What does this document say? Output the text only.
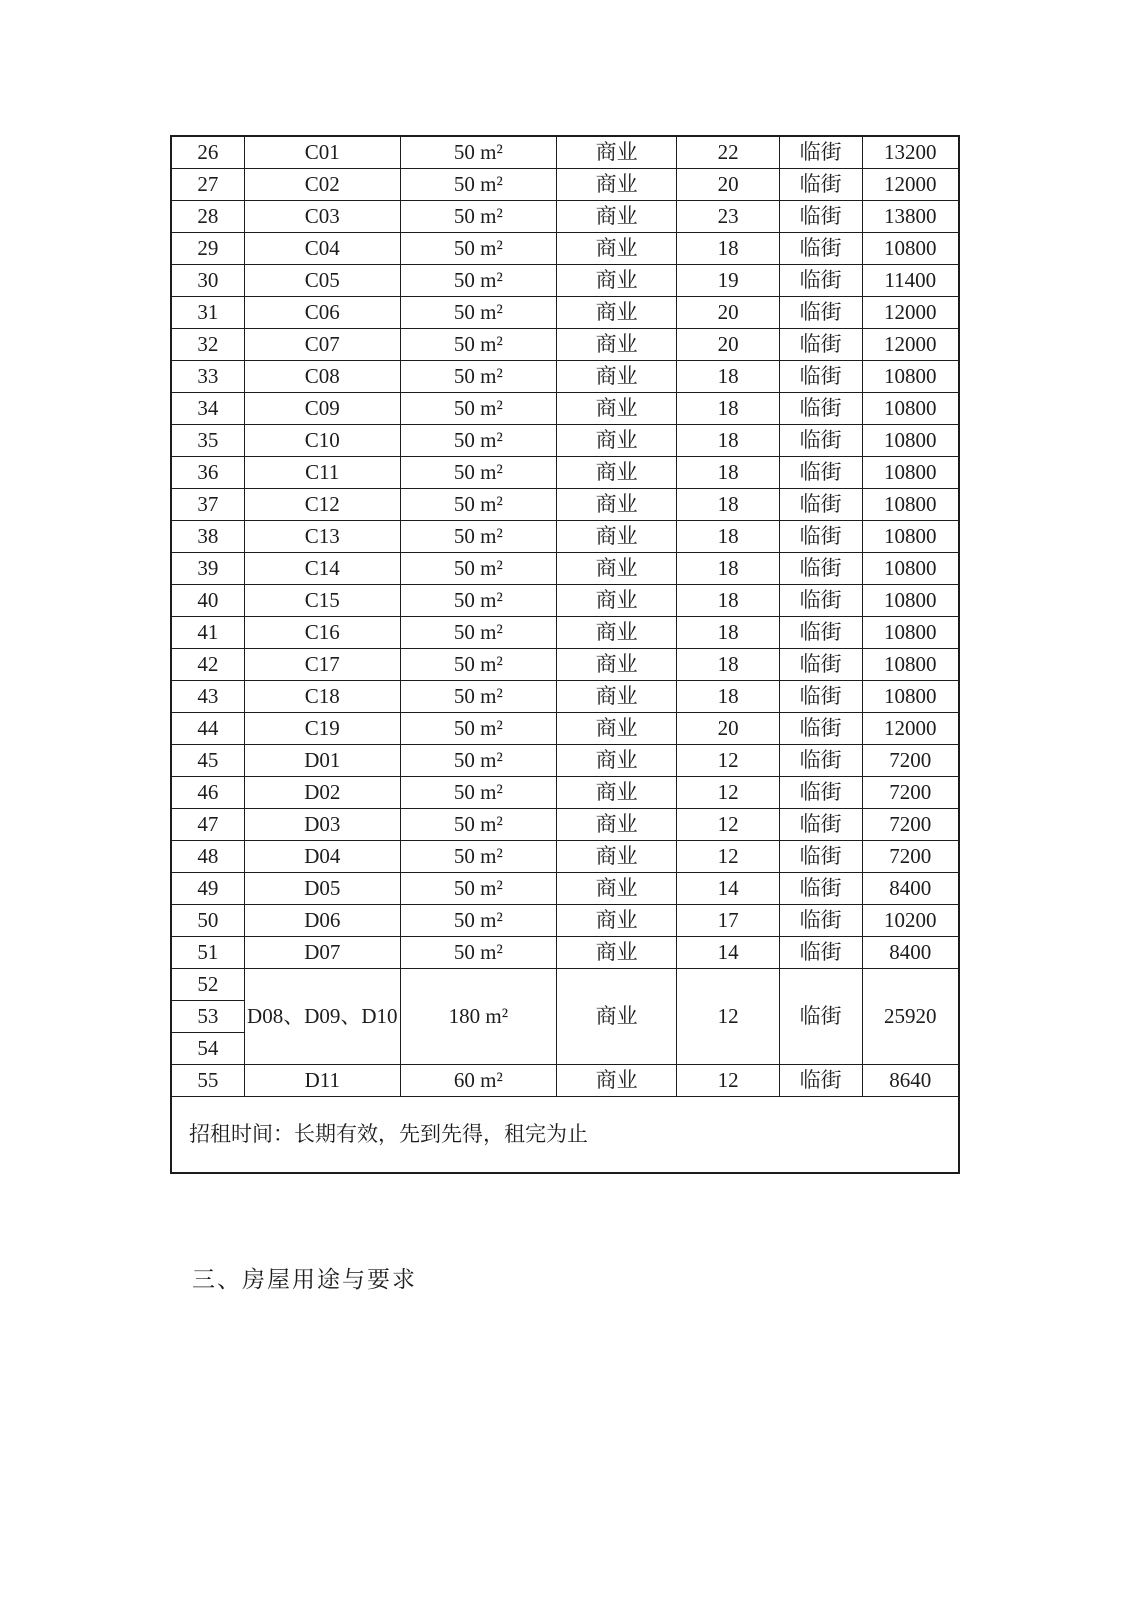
26	C01	50 m²	商业	22	临街	13200
27	C02	50 m²	商业	20	临街	12000
28	C03	50 m²	商业	23	临街	13800
29	C04	50 m²	商业	18	临街	10800
30	C05	50 m²	商业	19	临街	11400
31	C06	50 m²	商业	20	临街	12000
32	C07	50 m²	商业	20	临街	12000
33	C08	50 m²	商业	18	临街	10800
34	C09	50 m²	商业	18	临街	10800
35	C10	50 m²	商业	18	临街	10800
36	C11	50 m²	商业	18	临街	10800
37	C12	50 m²	商业	18	临街	10800
38	C13	50 m²	商业	18	临街	10800
39	C14	50 m²	商业	18	临街	10800
40	C15	50 m²	商业	18	临街	10800
41	C16	50 m²	商业	18	临街	10800
42	C17	50 m²	商业	18	临街	10800
43	C18	50 m²	商业	18	临街	10800
44	C19	50 m²	商业	20	临街	12000
45	D01	50 m²	商业	12	临街	7200
46	D02	50 m²	商业	12	临街	7200
47	D03	50 m²	商业	12	临街	7200
48	D04	50 m²	商业	12	临街	7200
49	D05	50 m²	商业	14	临街	8400
50	D06	50 m²	商业	17	临街	10200
51	D07	50 m²	商业	14	临街	8400
52	D08、D09、D10	180 m²	商业	12	临街	25920
53						
54						
55	D11	60 m²	商业	12	临街	8640
招租时间：长期有效，先到先得，租完为止						
三、房屋用途与要求
